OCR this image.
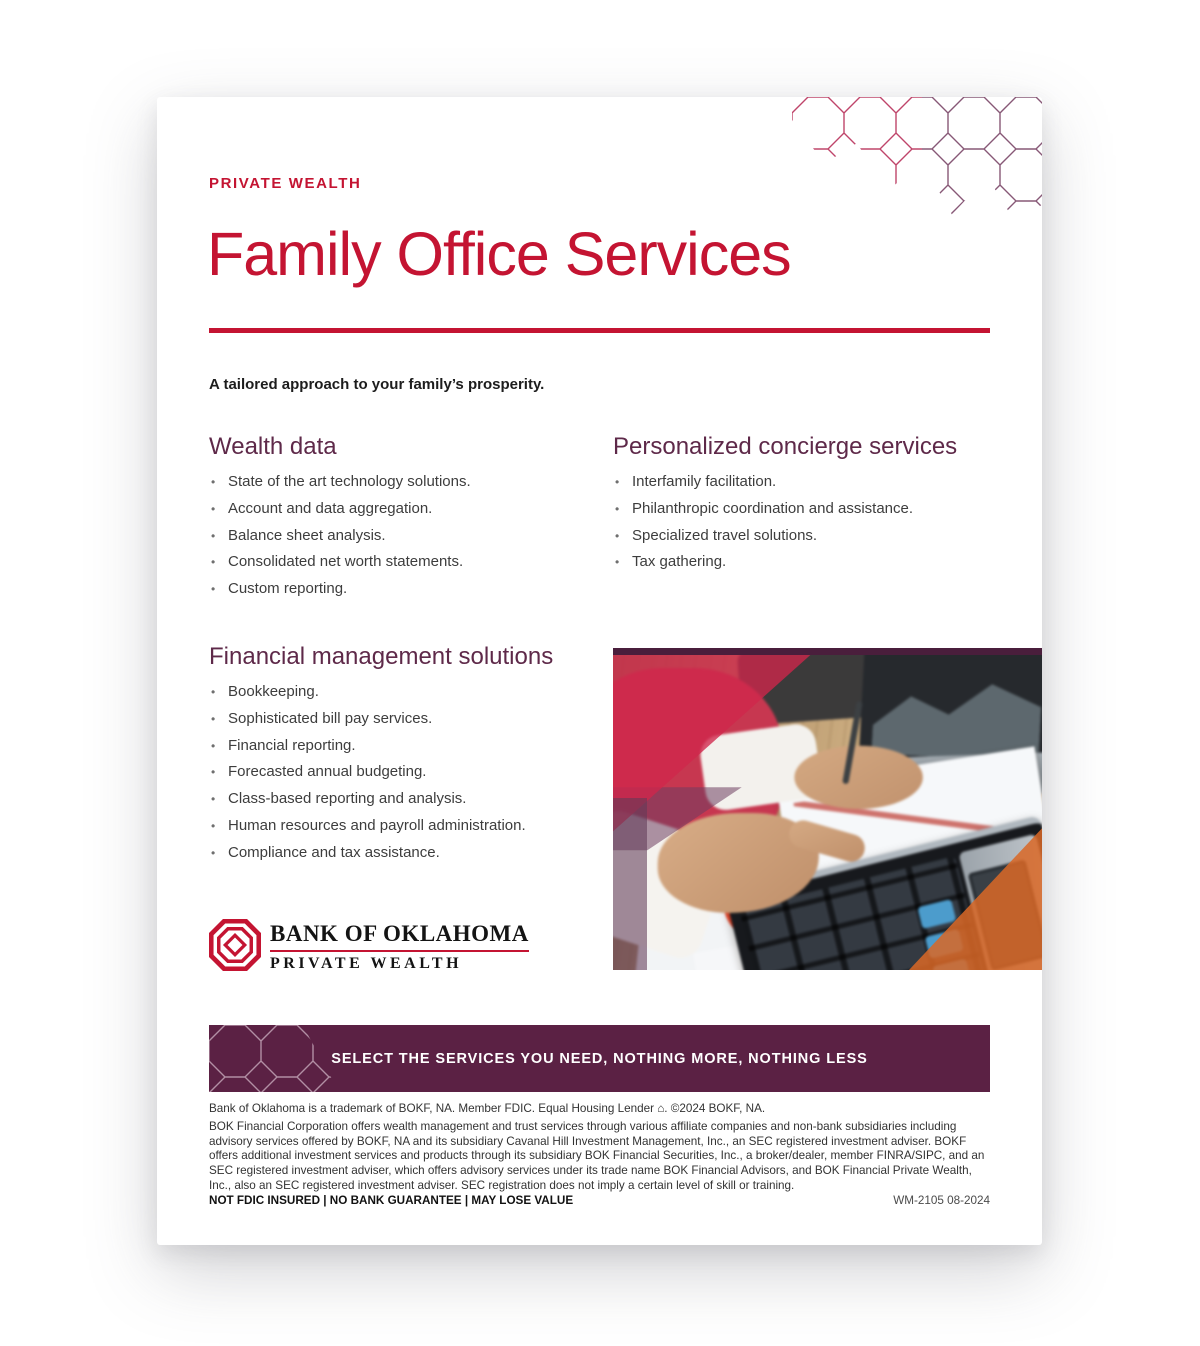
PRIVATE WEALTH
Family Office Services
A tailored approach to your family’s prosperity.
Wealth data
• State of the art technology solutions.
• Account and data aggregation.
• Balance sheet analysis.
• Consolidated net worth statements.
• Custom reporting.
Personalized concierge services
• Interfamily facilitation.
• Philanthropic coordination and assistance.
• Specialized travel solutions.
• Tax gathering.
Financial management solutions
• Bookkeeping.
• Sophisticated bill pay services.
• Financial reporting.
• Forecasted annual budgeting.
• Class-based reporting and analysis.
• Human resources and payroll administration.
• Compliance and tax assistance.
BANK OF OKLAHOMA
PRIVATE WEALTH
SELECT THE SERVICES YOU NEED, NOTHING MORE, NOTHING LESS
Bank of Oklahoma is a trademark of BOKF, NA. Member FDIC. Equal Housing Lender ⌂. ©2024 BOKF, NA.
BOK Financial Corporation offers wealth management and trust services through various affiliate companies and non-bank subsidiaries including advisory services offered by BOKF, NA and its subsidiary Cavanal Hill Investment Management, Inc., an SEC registered investment adviser. BOKF offers additional investment services and products through its subsidiary BOK Financial Securities, Inc., a broker/dealer, member FINRA/SIPC, and an SEC registered investment adviser, which offers advisory services under its trade name BOK Financial Advisors, and BOK Financial Private Wealth, Inc., also an SEC registered investment adviser. SEC registration does not imply a certain level of skill or training.
NOT FDIC INSURED | NO BANK GUARANTEE | MAY LOSE VALUE	WM-2105 08-2024
